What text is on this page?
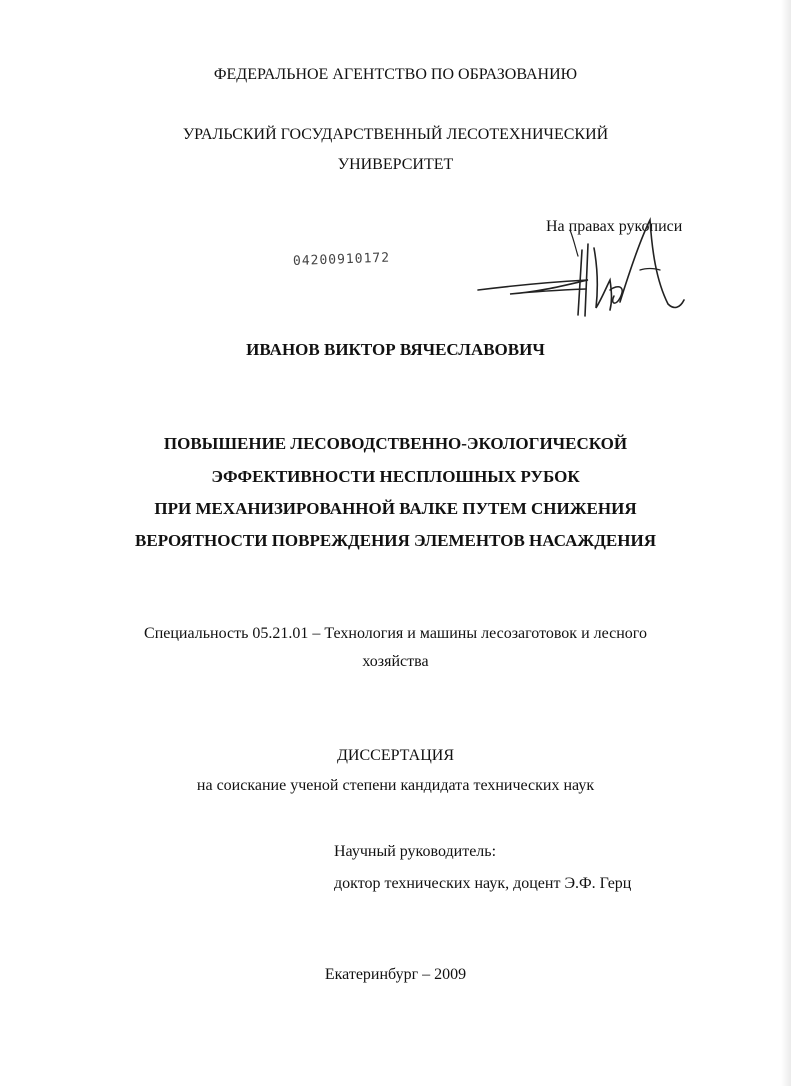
ФЕДЕРАЛЬНОЕ АГЕНТСТВО ПО ОБРАЗОВАНИЮ
УРАЛЬСКИЙ ГОСУДАРСТВЕННЫЙ ЛЕСОТЕХНИЧЕСКИЙ
УНИВЕРСИТЕТ
На правах рукописи
04200910172
ИВАНОВ ВИКТОР ВЯЧЕСЛАВОВИЧ
ПОВЫШЕНИЕ ЛЕСОВОДСТВЕННО-ЭКОЛОГИЧЕСКОЙ
ЭФФЕКТИВНОСТИ НЕСПЛОШНЫХ РУБОК
ПРИ МЕХАНИЗИРОВАННОЙ ВАЛКЕ ПУТЕМ СНИЖЕНИЯ
ВЕРОЯТНОСТИ ПОВРЕЖДЕНИЯ ЭЛЕМЕНТОВ НАСАЖДЕНИЯ
Специальность 05.21.01 – Технология и машины лесозаготовок и лесного
хозяйства
ДИССЕРТАЦИЯ
на соискание ученой степени кандидата технических наук
Научный руководитель:
доктор технических наук, доцент Э.Ф. Герц
Екатеринбург – 2009
